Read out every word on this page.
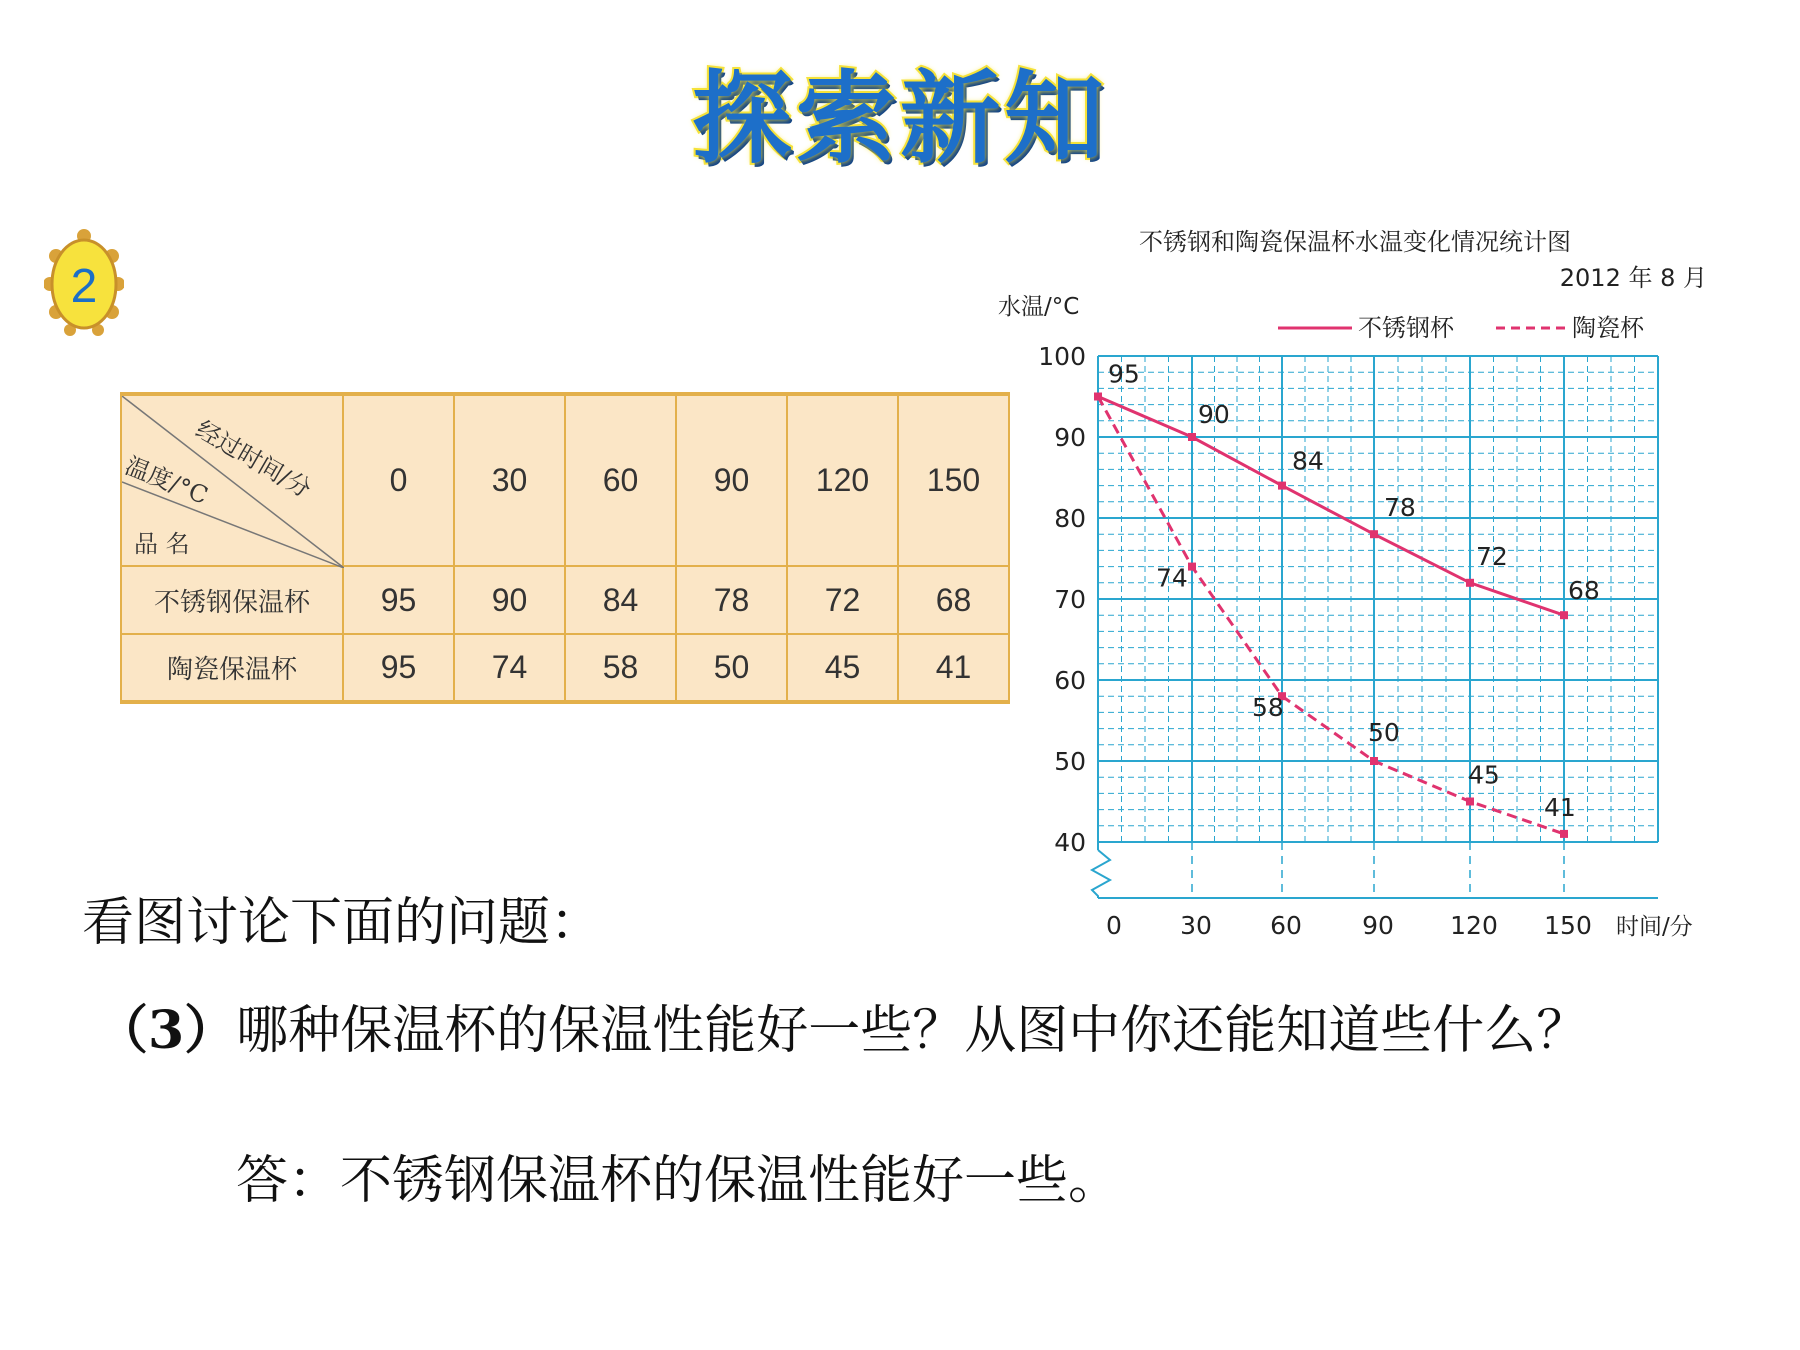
探索新知
2
经过时间/分
温度/°C
品 名	0	30	60	90	120	150
不锈钢保温杯	95	90	84	78	72	68
陶瓷保温杯	95	74	58	50	45	41
不锈钢和陶瓷保温杯水温变化情况统计图
2012 年 8 月
水温/°C
时间/分
不锈钢杯	陶瓷杯
40
50
60
70
80
90
100
0 30 60 90 120 150
95
90
84
78
72
68
74
58
50
45
41
看图讨论下面的问题：
（3）哪种保温杯的保温性能好一些？从图中你还能知道些什么？
答：不锈钢保温杯的保温性能好一些。
